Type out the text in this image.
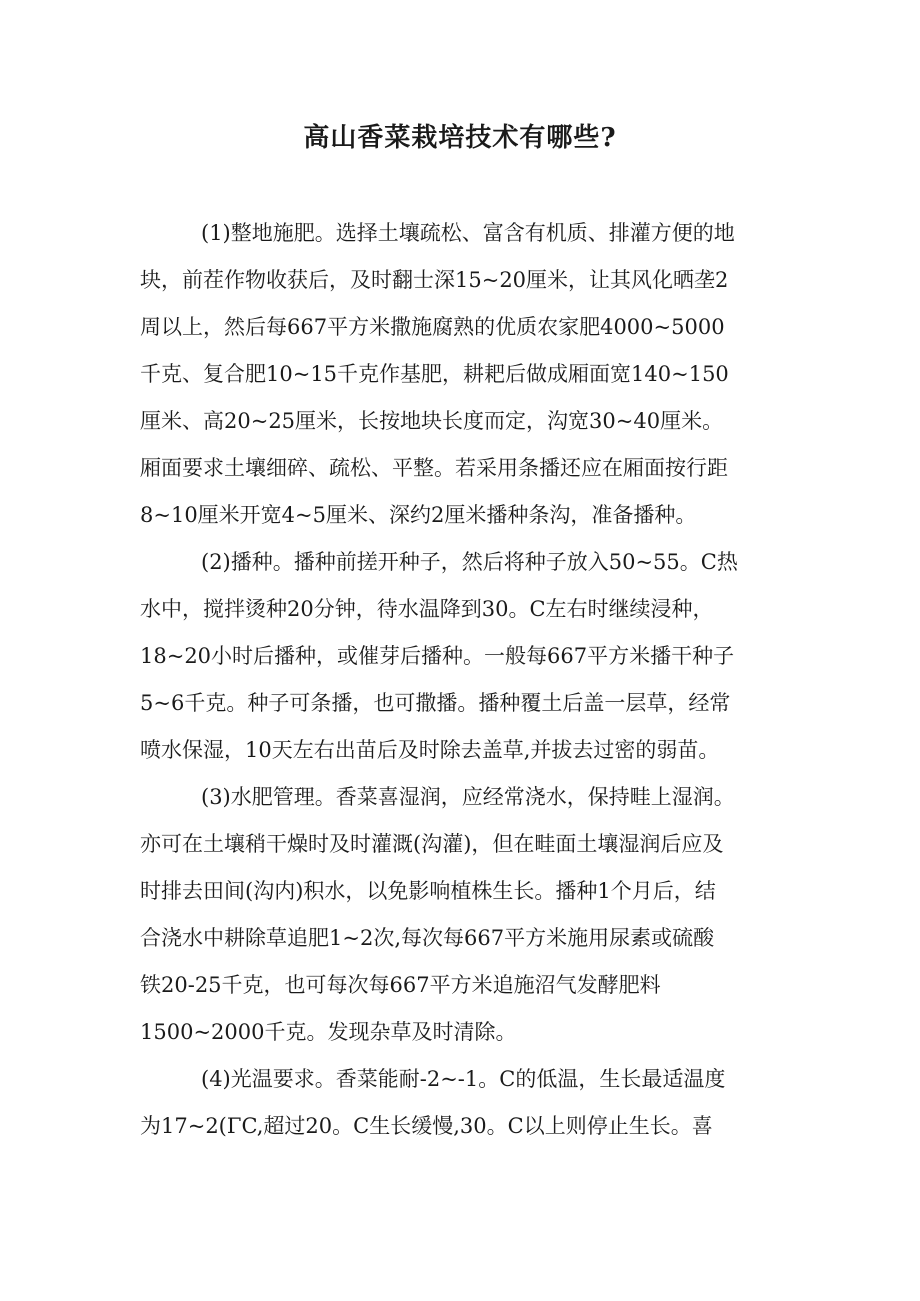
高山香菜栽培技术有哪些?

(1)整地施肥。选择土壤疏松、富含有机质、排灌方便的地
块，前茬作物收获后，及时翻士深15~20厘米，让其风化晒垄2
周以上，然后每667平方米撒施腐熟的优质农家肥4000~5000
千克、复合肥10~15千克作基肥，耕耙后做成厢面宽140~150
厘米、高20~25厘米，长按地块长度而定，沟宽30~40厘米。
厢面要求土壤细碎、疏松、平整。若采用条播还应在厢面按行距
8~10厘米开宽4~5厘米、深约2厘米播种条沟，准备播种。

(2)播种。播种前搓开种子，然后将种子放入50~55。C热
水中，搅拌烫种20分钟，待水温降到30。C左右时继续浸种，
18~20小时后播种，或催芽后播种。一般每667平方米播干种子
5~6千克。种子可条播，也可撒播。播种覆土后盖一层草，经常
喷水保湿，10天左右出苗后及时除去盖草,并拔去过密的弱苗。

(3)水肥管理。香菜喜湿润，应经常浇水，保持畦上湿润。
亦可在土壤稍干燥时及时灌溉(沟灌)，但在畦面土壤湿润后应及
时排去田间(沟内)积水，以免影响植株生长。播种1个月后，结
合浇水中耕除草追肥1~2次,每次每667平方米施用尿素或硫酸
铁20-25千克，也可每次每667平方米追施沼气发酵肥料
1500~2000千克。发现杂草及时清除。

(4)光温要求。香菜能耐-2~-1。C的低温，生长最适温度
为17~2(ΓC,超过20。C生长缓慢,30。C以上则停止生长。喜
